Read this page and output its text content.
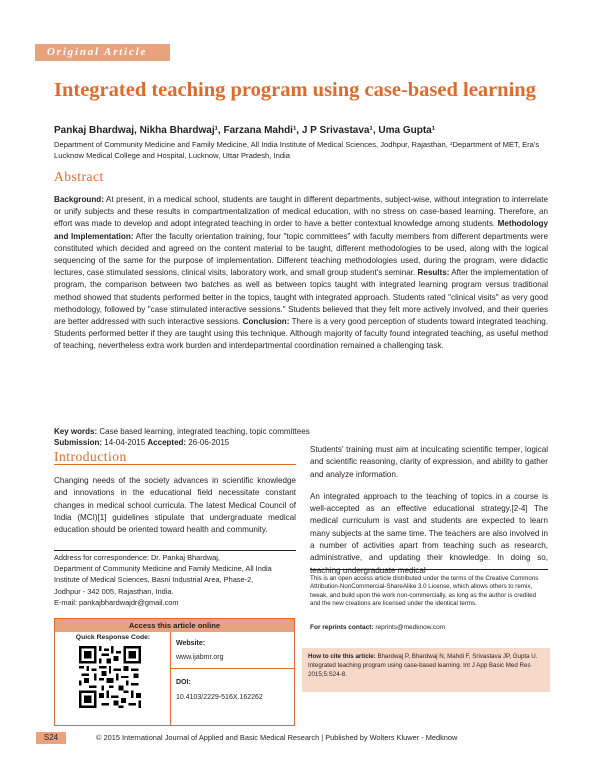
Original Article
Integrated teaching program using case-based learning
Pankaj Bhardwaj, Nikha Bhardwaj¹, Farzana Mahdi¹, J P Srivastava¹, Uma Gupta¹
Department of Community Medicine and Family Medicine, All India Institute of Medical Sciences, Jodhpur, Rajasthan, ¹Department of MET, Era's Lucknow Medical College and Hospital, Lucknow, Uttar Pradesh, India
Abstract
Background: At present, in a medical school, students are taught in different departments, subject-wise, without integration to interrelate or unify subjects and these results in compartmentalization of medical education, with no stress on case-based learning. Therefore, an effort was made to develop and adopt integrated teaching in order to have a better contextual knowledge among students. Methodology and Implementation: After the faculty orientation training, four "topic committees" with faculty members from different departments were constituted which decided and agreed on the content material to be taught, different methodologies to be used, along with the logical sequencing of the same for the purpose of implementation. Different teaching methodologies used, during the program, were didactic lectures, case stimulated sessions, clinical visits, laboratory work, and small group student's seminar. Results: After the implementation of program, the comparison between two batches as well as between topics taught with integrated learning program versus traditional method showed that students performed better in the topics, taught with integrated approach. Students rated "clinical visits" as very good methodology, followed by "case stimulated interactive sessions." Students believed that they felt more actively involved, and their queries are better addressed with such interactive sessions. Conclusion: There is a very good perception of students toward integrated teaching. Students performed better if they are taught using this technique. Although majority of faculty found integrated teaching, as useful method of teaching, nevertheless extra work burden and interdepartmental coordination remained a challenging task.
Key words: Case based learning, integrated teaching, topic committees
Submission: 14-04-2015 Accepted: 26-06-2015
Introduction

Changing needs of the society advances in scientific knowledge and innovations in the educational field necessitate constant changes in medical school curricula. The latest Medical Council of India (MCI)[1] guidelines stipulate that undergraduate medical education should be oriented toward health and community.

Students' training must aim at inculcating scientific temper, logical and scientific reasoning, clarity of expression, and ability to gather and analyze information.

An integrated approach to the teaching of topics in a course is well-accepted as an effective educational strategy.[2-4] The medical curriculum is vast and students are expected to learn many subjects at the same time. The teachers are also involved in a number of activities apart from teaching such as research, administrative, and updating their knowledge. In doing so, teaching undergraduate medical

Address for correspondence: Dr. Pankaj Bhardwaj,
Department of Community Medicine and Family Medicine, All India
Institute of Medical Sciences, Basni Industrial Area, Phase-2,
Jodhpur - 342 005, Rajasthan, India.
E-mail: pankajbhardwajdr@gmail.com
Access this article online
Quick Response Code:
Website:
www.ijabmr.org
DOI:
10.4103/2229-516X.162262
This is an open access article distributed under the terms of the Creative Commons Attribution-NonCommercial-ShareAlike 3.0 License, which allows others to remix, tweak, and build upon the work non-commercially, as long as the author is credited and the new creations are licensed under the identical terms.
For reprints contact: reprints@medknow.com
How to cite this article: Bhardwaj P, Bhardwaj N, Mahdi F, Srivastava JP, Gupta U. Integrated teaching program using case-based learning. Int J App Basic Med Res 2015;5:S24-8.
S24	© 2015 International Journal of Applied and Basic Medical Research | Published by Wolters Kluwer - Medknow
